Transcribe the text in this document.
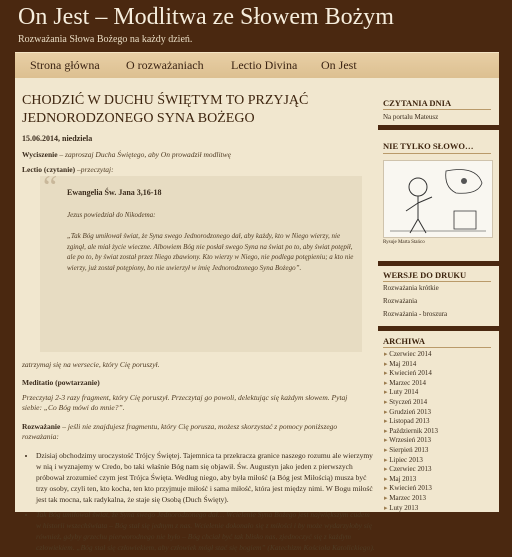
On Jest – Modlitwa ze Słowem Bożym
Rozważania Słowa Bożego na każdy dzień.
Strona główna O rozważaniach Lectio Divina On Jest
CHODZIĆ W DUCHU ŚWIĘTYM TO PRZYJĄĆ JEDNORODZONEGO SYNA BOŻEGO
15.06.2014, niedziela
Wyciszenie – zaproszaj Ducha Świętego, aby On prowadził modlitwę
Lectio (czytanie) –przeczytaj:
“ Ewangelia Św. Jana 3,16-18
Jezus powiedział do Nikodema:
„Tak Bóg umiłował świat, że Syna swego Jednorodzonego dał, aby każdy, kto w Niego wierzy, nie zginął, ale miał życie wieczne. Albowiem Bóg nie posłał swego Syna na świat po to, aby świat potępił, ale po to, by świat został przez Niego zbawiony. Kto wierzy w Niego, nie podlega potępieniu; a kto nie wierzy, już został potępiony, bo nie uwierzył w imię Jednorodzonego Syna Bożego”.
zatrzymaj się na wersecie, który Cię poruszył.
Meditatio (powtarzanie)
Przeczytaj 2-3 razy fragment, który Cię poruszył. Przeczytaj go powoli, delektując się każdym słowem. Pytaj siebie: „Co Bóg mówi do mnie?”.
Rozważanie – jeśli nie znajdujesz fragmentu, który Cię porusza, możesz skorzystać z pomocy poniższego rozważania:
• Dzisiaj obchodzimy uroczystość Trójcy Świętej. Tajemnica ta przekracza granice naszego rozumu ale wierzymy w nią i wyznajemy w Credo, bo taki właśnie Bóg nam się objawił. Św. Augustyn jako jeden z pierwszych próbował zrozumieć czym jest Trójca Święta. Według niego, aby była miłość (a Bóg jest Miłością) musza być trzy osoby, czyli ten, kto kocha, ten kto przyjmuje miłość i sama miłość, która jest między nimi. W Bogu miłość jest tak mocna, tak radykalna, że staje się Osobą (Duch Święty).
• Tak Bóg umiłował świat, że Syna swego Jednorodzonego dał… Wcielenie Syna Bożego jest największym cudem w historii wszechświata – Bóg stał się jednym z nas. Wcielenie dokonało się z miłości i by może wydarzyłoby się również, gdyby grzechu pierworodnego nie było – Bóg chciał być tak blisko nas, zjednoczyć się z każdym człowiekiem. „Bóg stał się człowiekiem, aby człowiek mógł stać się bogiem” (Katechizm Kościoła Katolickiego).
CZYTANIA DNIA
Na portalu Mateusz
NIE TYLKO SŁOWO…
Rysuje Marta Stańco
WERSJE DO DRUKU
Rozważania krótkie
Rozważania
Rozważania - broszura
ARCHIWA
▸ Czerwiec 2014
▸ Maj 2014
▸ Kwiecień 2014
▸ Marzec 2014
▸ Luty 2014
▸ Styczeń 2014
▸ Grudzień 2013
▸ Listopad 2013
▸ Październik 2013
▸ Wrzesień 2013
▸ Sierpień 2013
▸ Lipiec 2013
▸ Czerwiec 2013
▸ Maj 2013
▸ Kwiecień 2013
▸ Marzec 2013
▸ Luty 2013
